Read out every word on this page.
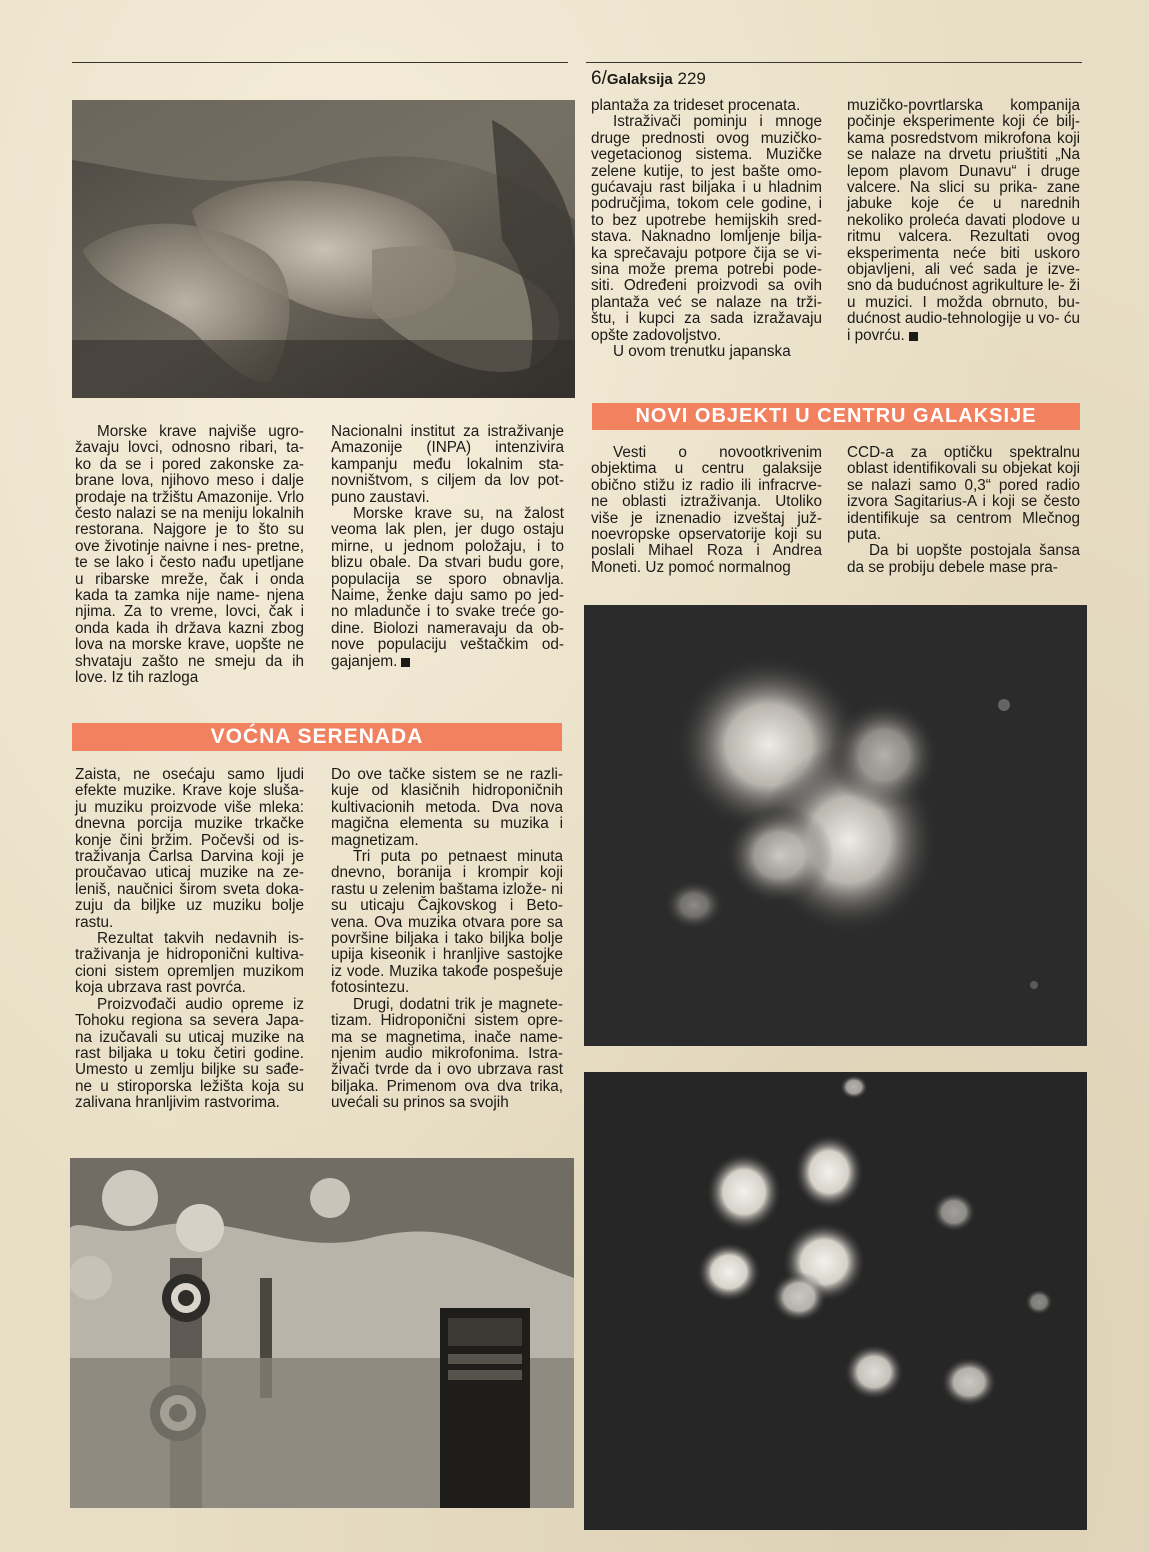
6/Galaksija 229

Morske krave najviše ugro- žavaju lovci, odnosno ribari, ta- ko da se i pored zakonske za- brane lova, njihovo meso i dalje prodaje na tržištu Amazonije. Vrlo često nalazi se na meniju lokalnih restorana. Najgore je to što su ove životinje naivne i nes- pretne, te se lako i često nađu upetljane u ribarske mreže, čak i onda kada ta zamka nije name- njena njima. Za to vreme, lovci, čak i onda kada ih država kazni zbog lova na morske krave, uopšte ne shvataju zašto ne smeju da ih love. Iz tih razloga

Nacionalni institut za istraživanje Amazonije (INPA) intenzivira kampanju među lokalnim sta- novništvom, s ciljem da lov pot- puno zaustavi.

Morske krave su, na žalost veoma lak plen, jer dugo ostaju mirne, u jednom položaju, i to blizu obale. Da stvari budu gore, populacija se sporo obnavlja. Naime, ženke daju samo po jed- no mladunče i to svake treće go- dine. Biolozi nameravaju da ob- nove populaciju veštačkim od- gajanjem.

VOĆNA SERENADA

Zaista, ne osećaju samo ljudi efekte muzike. Krave koje sluša- ju muziku proizvode više mleka: dnevna porcija muzike trkačke konje čini bržim. Počevši od is- traživanja Čarlsa Darvina koji je proučavao uticaj muzike na ze- leniš, naučnici širom sveta doka- zuju da biljke uz muziku bolje rastu.

Rezultat takvih nedavnih is- traživanja je hidroponični kultiva- cioni sistem opremljen muzikom koja ubrzava rast povrća.

Proizvođači audio opreme iz Tohoku regiona sa severa Japa- na izučavali su uticaj muzike na rast biljaka u toku četiri godine. Umesto u zemlju biljke su sađe- ne u stiroporska ležišta koja su zalivana hranljivim rastvorima.

Do ove tačke sistem se ne razli- kuje od klasičnih hidroponičnih kultivacionih metoda. Dva nova magična elementa su muzika i magnetizam.

Tri puta po petnaest minuta dnevno, boranija i krompir koji rastu u zelenim baštama izlože- ni su uticaju Čajkovskog i Beto- vena. Ova muzika otvara pore sa površine biljaka i tako biljka bolje upija kiseonik i hranljive sastojke iz vode. Muzika takođe pospešuje fotosintezu.

Drugi, dodatni trik je magnete- tizam. Hidroponični sistem opre- ma se magnetima, inače name- njenim audio mikrofonima. Istra- živači tvrde da i ovo ubrzava rast biljaka. Primenom ova dva trika, uvećali su prinos sa svojih

plantaža za trideset procenata.

Istraživači pominju i mnoge druge prednosti ovog muzičko- vegetacionog sistema. Muzičke zelene kutije, to jest bašte omo- gućavaju rast biljaka i u hladnim područjima, tokom cele godine, i to bez upotrebe hemijskih sred- stava. Naknadno lomljenje bilja- ka sprečavaju potpore čija se vi- sina može prema potrebi pode- siti. Određeni proizvodi sa ovih plantaža već se nalaze na trži- štu, i kupci za sada izražavaju opšte zadovoljstvo.

U ovom trenutku japanska

muzičko-povrtlarska kompanija počinje eksperimente koji će bilj- kama posredstvom mikrofona koji se nalaze na drvetu priuštiti „Na lepom plavom Dunavu“ i druge valcere. Na slici su prika- zane jabuke koje će u narednih nekoliko proleća davati plodove u ritmu valcera. Rezultati ovog eksperimenta neće biti uskoro objavljeni, ali već sada je izve- sno da budućnost agrikulture le- ži u muzici. I možda obrnuto, bu- dućnost audio-tehnologije u vo- ću i povrću.

NOVI OBJEKTI U CENTRU GALAKSIJE

Vesti o novootkrivenim objektima u centru galaksije obično stižu iz radio ili infracrve- ne oblasti iztraživanja. Utoliko više je iznenadio izveštaj juž- noevropske opservatorije koji su poslali Mihael Roza i Andrea Moneti. Uz pomoć normalnog

CCD-a za optičku spektralnu oblast identifikovali su objekat koji se nalazi samo 0,3“ pored radio izvora Sagitarius-A i koji se često identifikuje sa centrom Mlečnog puta.

Da bi uopšte postojala šansa da se probiju debele mase pra-
